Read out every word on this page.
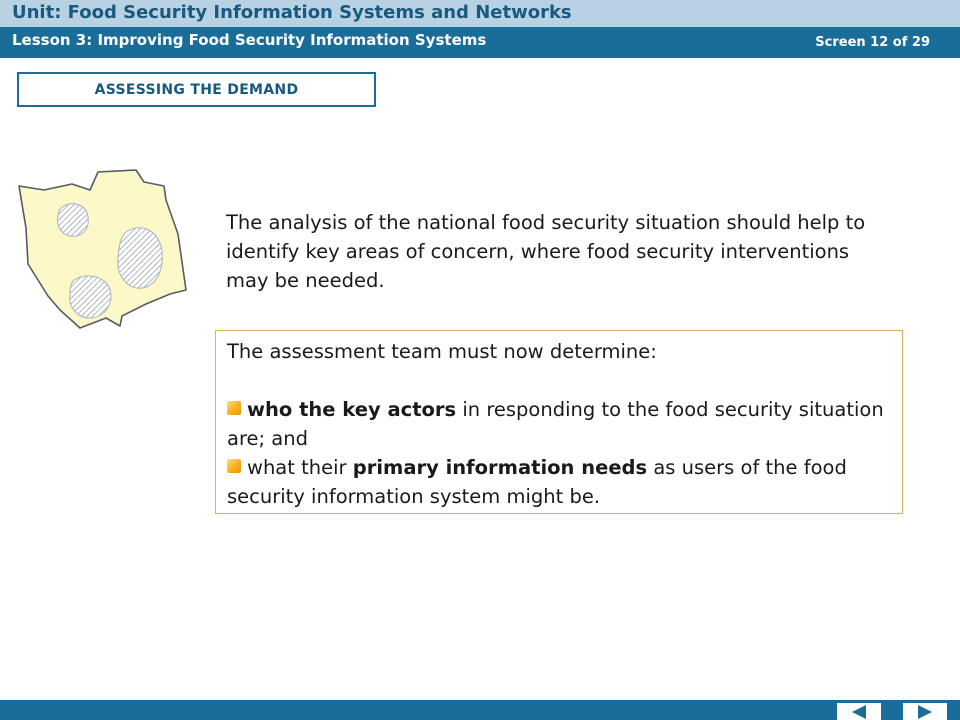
Unit: Food Security Information Systems and Networks
Lesson 3: Improving Food Security Information Systems	Screen 12 of 29
ASSESSING THE DEMAND
The analysis of the national food security situation should help to identify key areas of concern, where food security interventions may be needed.

The assessment team must now determine:

who the key actors in responding to the food security situation are; and

what their primary information needs as users of the food security information system might be.
